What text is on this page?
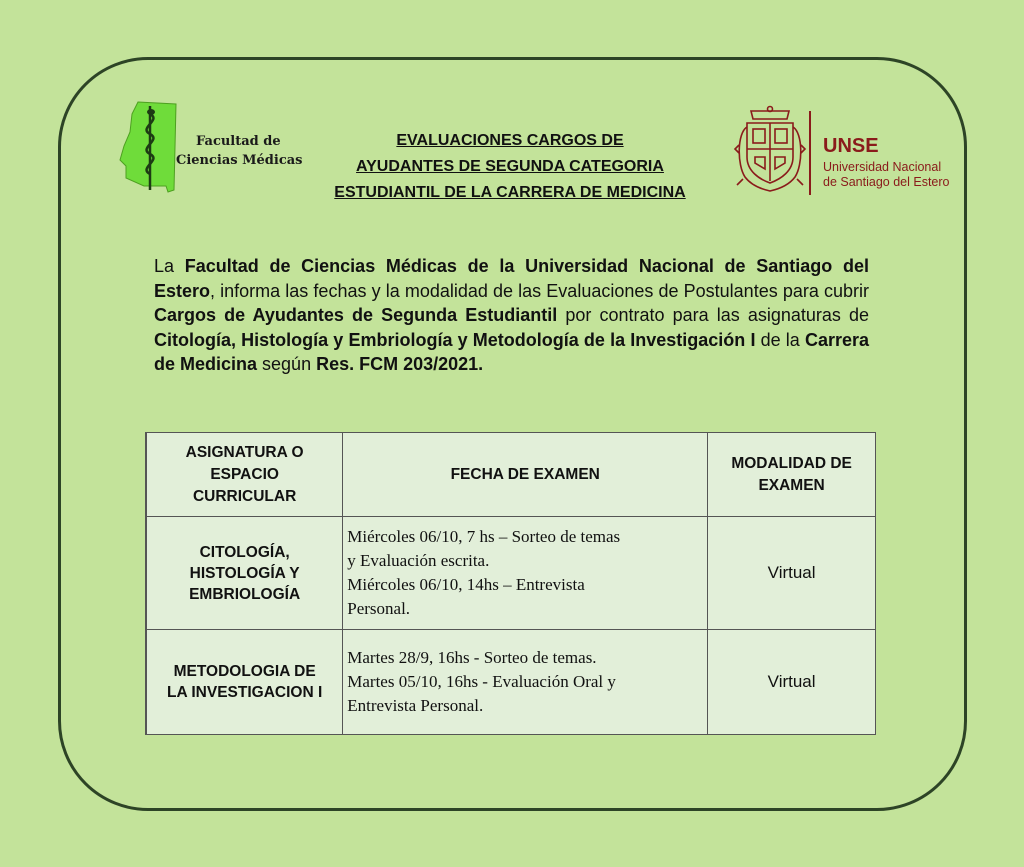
Facultad de
Ciencias Médicas
EVALUACIONES CARGOS DE
AYUDANTES DE SEGUNDA CATEGORIA
ESTUDIANTIL DE LA CARRERA DE MEDICINA
UNSE
Universidad Nacional
de Santiago del Estero
La Facultad de Ciencias Médicas de la Universidad Nacional de Santiago del Estero, informa las fechas y la modalidad de las Evaluaciones de Postulantes para cubrir Cargos de Ayudantes de Segunda Estudiantil por contrato para las asignaturas de Citología, Histología y Embriología y Metodología de la Investigación I de la Carrera de Medicina según Res. FCM 203/2021.
ASIGNATURA O
ESPACIO
CURRICULAR	FECHA DE EXAMEN	MODALIDAD DE
EXAMEN

CITOLOGÍA,
HISTOLOGÍA Y
EMBRIOLOGÍA	Miércoles 06/10, 7 hs – Sorteo de temas
y Evaluación escrita.
Miércoles 06/10, 14hs – Entrevista
Personal.	Virtual

METODOLOGIA DE
LA INVESTIGACION I	Martes 28/9, 16hs - Sorteo de temas.
Martes 05/10, 16hs - Evaluación Oral y
Entrevista Personal.	Virtual
